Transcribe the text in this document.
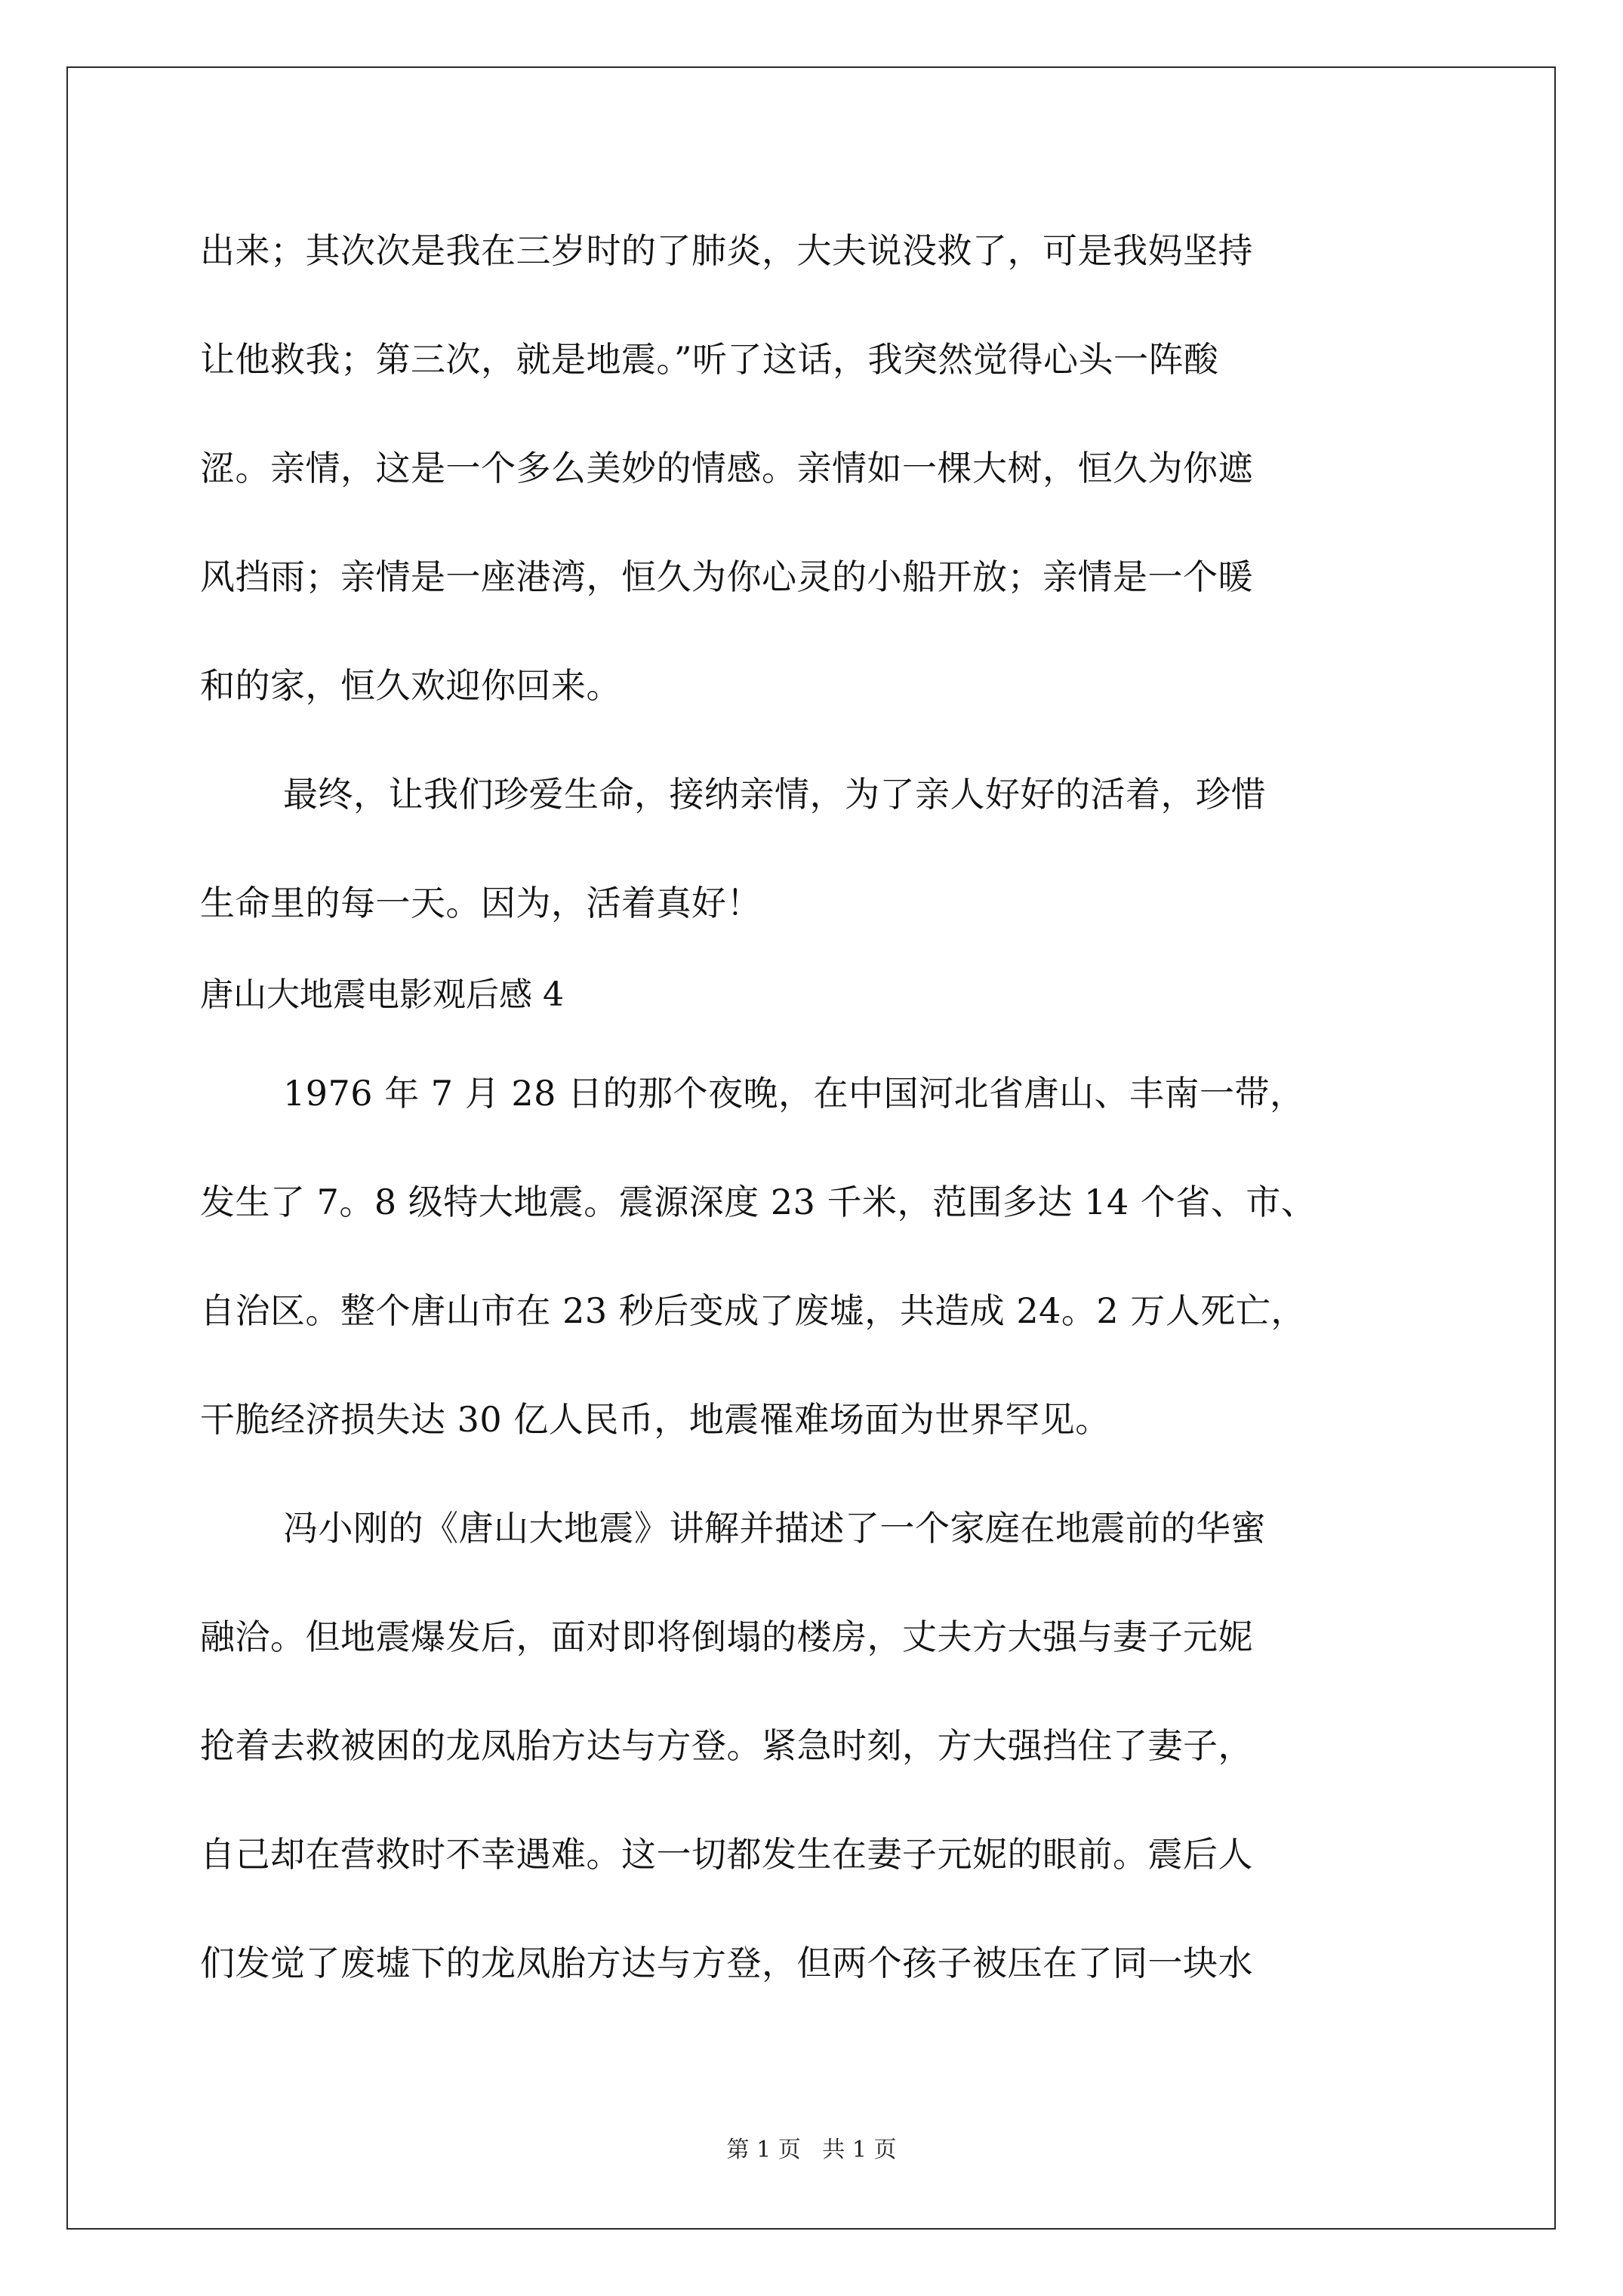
出来；其次次是我在三岁时的了肺炎，大夫说没救了，可是我妈坚持
让他救我；第三次，就是地震。”听了这话，我突然觉得心头一阵酸
涩。亲情，这是一个多么美妙的情感。亲情如一棵大树，恒久为你遮
风挡雨；亲情是一座港湾，恒久为你心灵的小船开放；亲情是一个暖
和的家，恒久欢迎你回来。
最终，让我们珍爱生命，接纳亲情，为了亲人好好的活着，珍惜
生命里的每一天。因为，活着真好！
唐山大地震电影观后感 4
1976 年 7 月 28 日的那个夜晚，在中国河北省唐山、丰南一带，
发生了 7。8 级特大地震。震源深度 23 千米，范围多达 14 个省、市、
自治区。整个唐山市在 23 秒后变成了废墟，共造成 24。2 万人死亡，
干脆经济损失达 30 亿人民币，地震罹难场面为世界罕见。
冯小刚的《唐山大地震》讲解并描述了一个家庭在地震前的华蜜
融洽。但地震爆发后，面对即将倒塌的楼房，丈夫方大强与妻子元妮
抢着去救被困的龙凤胎方达与方登。紧急时刻，方大强挡住了妻子，
自己却在营救时不幸遇难。这一切都发生在妻子元妮的眼前。震后人
们发觉了废墟下的龙凤胎方达与方登，但两个孩子被压在了同一块水
第 1 页   共 1 页
